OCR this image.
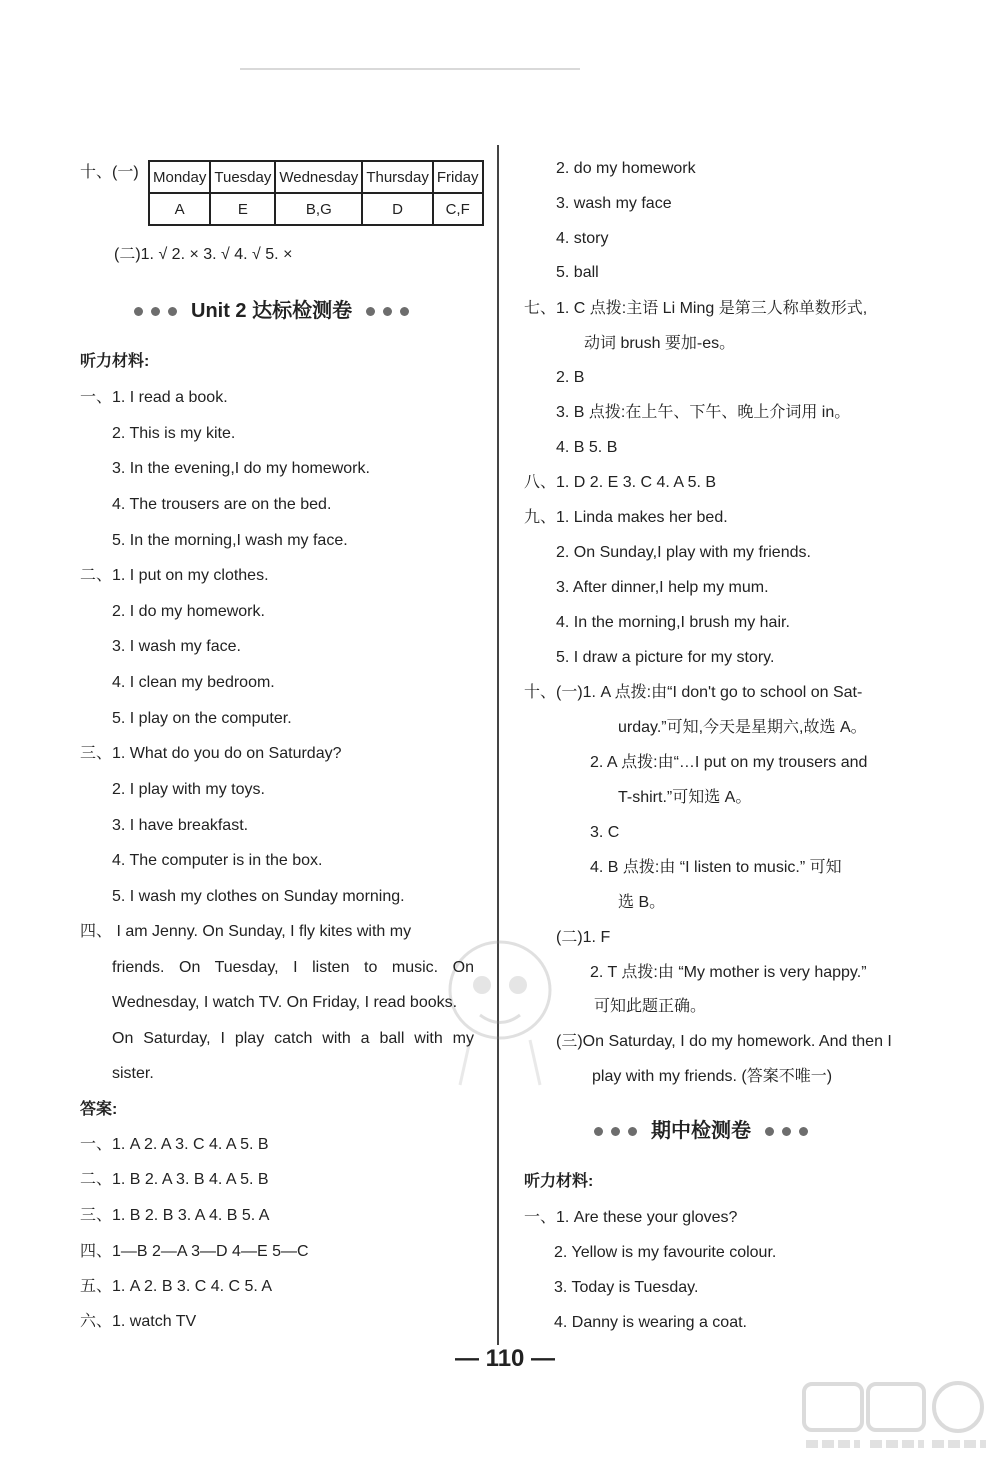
十、(一) Monday	Tuesday	Wednesday	Thursday	Friday
A	E	B,G	D	C,F
(二)1. √ 2. × 3. √ 4. √ 5. ×
Unit 2 达标检测卷
听力材料:
一、1. I read a book.
2. This is my kite.
3. In the evening,I do my homework.
4. The trousers are on the bed.
5. In the morning,I wash my face.
二、1. I put on my clothes.
2. I do my homework.
3. I wash my face.
4. I clean my bedroom.
5. I play on the computer.
三、1. What do you do on Saturday?
2. I play with my toys.
3. I have breakfast.
4. The computer is in the box.
5. I wash my clothes on Sunday morning.
四、 I am Jenny. On Sunday, I fly kites with my
friends. On Tuesday, I listen to music. On
Wednesday, I watch TV. On Friday, I read books.
On Saturday, I play catch with a ball with my
sister.
答案:
一、1. A 2. A 3. C 4. A 5. B
二、1. B 2. A 3. B 4. A 5. B
三、1. B 2. B 3. A 4. B 5. A
四、1—B 2—A 3—D 4—E 5—C
五、1. A 2. B 3. C 4. C 5. A
六、1. watch TV
2. do my homework
3. wash my face
4. story
5. ball
七、1. C 点拨:主语 Li Ming 是第三人称单数形式,
动词 brush 要加-es。
2. B
3. B 点拨:在上午、下午、晚上介词用 in。
4. B 5. B
八、1. D 2. E 3. C 4. A 5. B
九、1. Linda makes her bed.
2. On Sunday,I play with my friends.
3. After dinner,I help my mum.
4. In the morning,I brush my hair.
5. I draw a picture for my story.
十、(一)1. A 点拨:由“I don't go to school on Sat-
urday.”可知,今天是星期六,故选 A。
2. A 点拨:由“…I put on my trousers and
T-shirt.”可知选 A。
3. C
4. B 点拨:由 “I listen to music.” 可知
选 B。
(二)1. F
2. T 点拨:由 “My mother is very happy.”
可知此题正确。
(三)On Saturday, I do my homework. And then I
play with my friends. (答案不唯一)
期中检测卷
听力材料:
一、1. Are these your gloves?
2. Yellow is my favourite colour.
3. Today is Tuesday.
4. Danny is wearing a coat.
— 110 —
